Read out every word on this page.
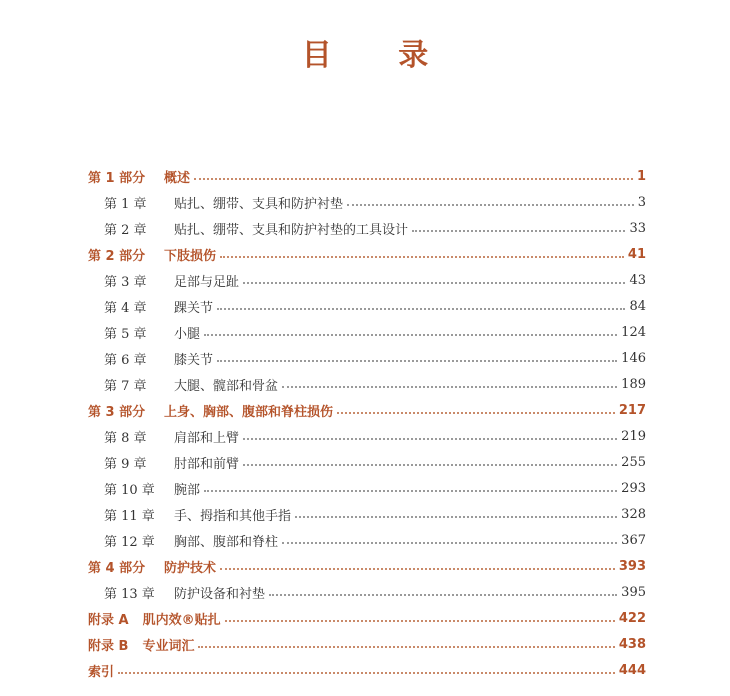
目 录
第 1 部分	概述	1
第 1 章	贴扎、绷带、支具和防护衬垫	3
第 2 章	贴扎、绷带、支具和防护衬垫的工具设计	33
第 2 部分	下肢损伤	41
第 3 章	足部与足趾	43
第 4 章	踝关节	84
第 5 章	小腿	124
第 6 章	膝关节	146
第 7 章	大腿、髋部和骨盆	189
第 3 部分	上身、胸部、腹部和脊柱损伤	217
第 8 章	肩部和上臂	219
第 9 章	肘部和前臂	255
第 10 章	腕部	293
第 11 章	手、拇指和其他手指	328
第 12 章	胸部、腹部和脊柱	367
第 4 部分	防护技术	393
第 13 章	防护设备和衬垫	395
附录 A 肌内效®贴扎	422
附录 B 专业词汇	438
索引	444
